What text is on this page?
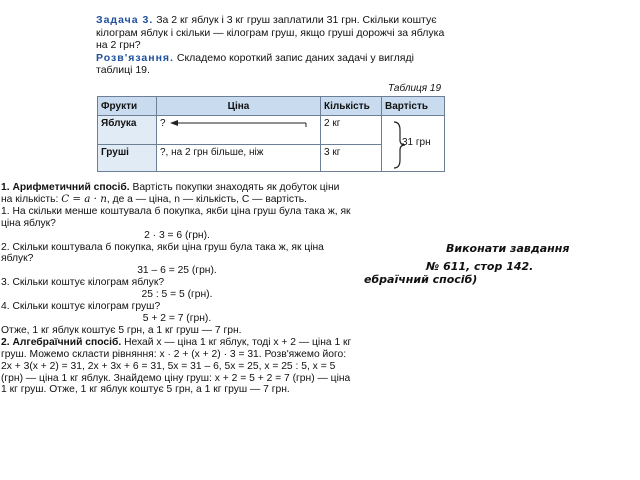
Задача 3. За 2 кг яблук і 3 кг груш заплатили 31 грн. Скільки коштує кілограм яблук і скільки — кілограм груш, якщо груші дорожчі за яблука на 2 грн?
Розв'язання. Складемо короткий запис даних задачі у вигляді таблиці 19.
Таблиця 19
Фрукти	Ціна	Кількість	Вартість
Яблука	?	2 кг	
Груші	?, на 2 грн більше, ніж	3 кг	
31 грн

1. Арифметичний спосіб. Вартість покупки знаходять як добуток ціни на кількість: C = a · n, де a — ціна, n — кількість, C — вартість.

1. На скільки менше коштувала б покупка, якби ціна груш була така ж, як ціна яблук?

2 · 3 = 6 (грн).

2. Скільки коштувала б покупка, якби ціна груш була така ж, як ціна яблук?

31 – 6 = 25 (грн).

3. Скільки коштує кілограм яблук?

25 : 5 = 5 (грн).

4. Скільки коштує кілограм груш?

5 + 2 = 7 (грн).

Отже, 1 кг яблук коштує 5 грн, а 1 кг груш — 7 грн.

2. Алгебраїчний спосіб. Нехай x — ціна 1 кг яблук, тоді x + 2 — ціна 1 кг груш. Можемо скласти рівняння: x · 2 + (x + 2) · 3 = 31. Розв'яжемо його: 2x + 3(x + 2) = 31, 2x + 3x + 6 = 31, 5x = 31 – 6, 5x = 25, x = 25 : 5, x = 5 (грн) — ціна 1 кг яблук. Знайдемо ціну груш: x + 2 = 5 + 2 = 7 (грн) — ціна 1 кг груш. Отже, 1 кг яблук коштує 5 грн, а 1 кг груш — 7 грн.

Виконати завдання
№ 611, стор 142.
ебраїчний спосіб)
